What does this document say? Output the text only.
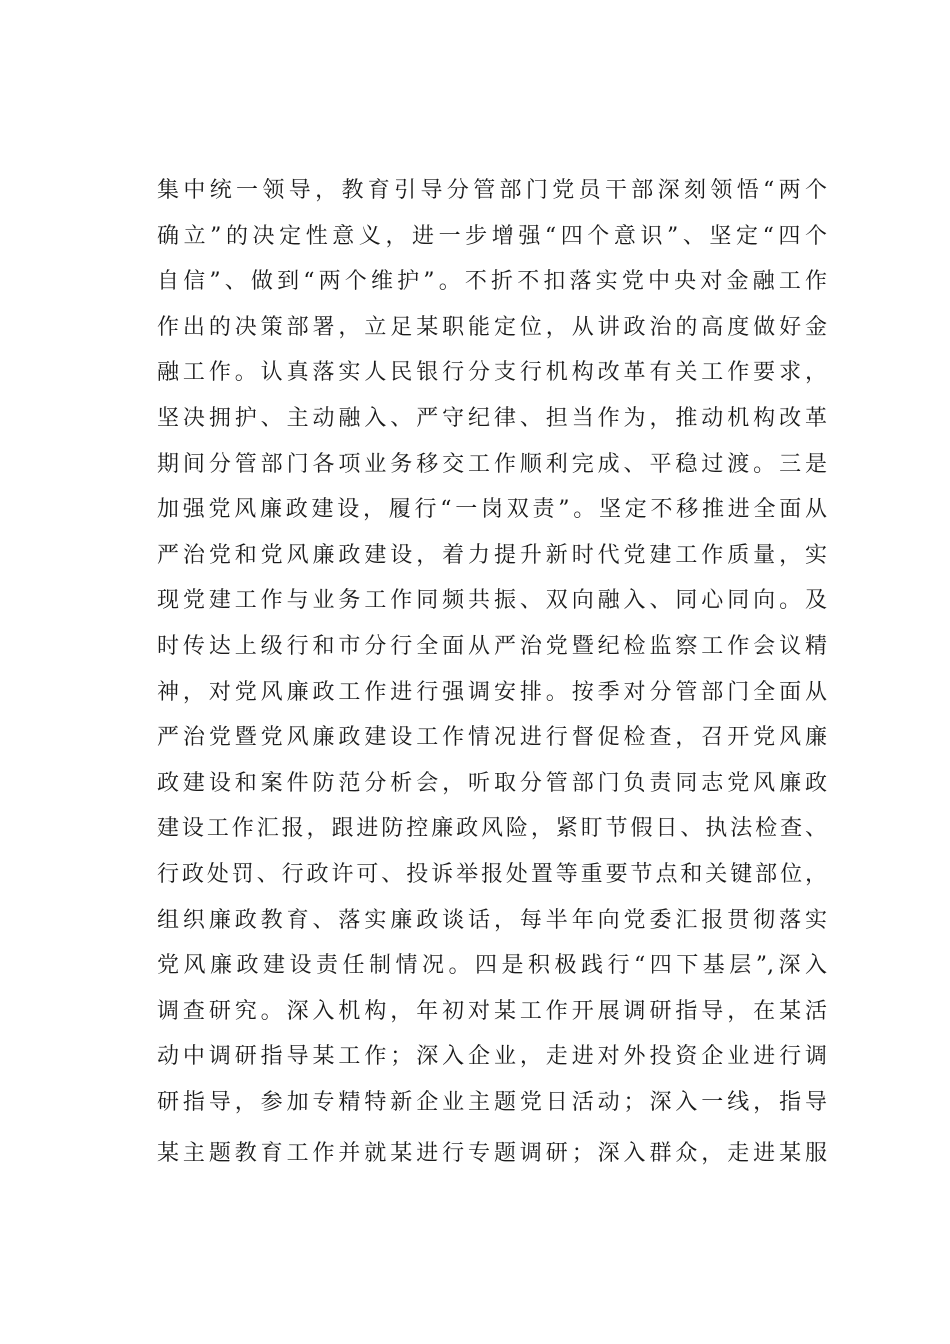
集中统一领导，教育引导分管部门党员干部深刻领悟“两个
确立”的决定性意义，进一步增强“四个意识”、坚定“四个
自信”、做到“两个维护”。不折不扣落实党中央对金融工作
作出的决策部署，立足某职能定位，从讲政治的高度做好金
融工作。认真落实人民银行分支行机构改革有关工作要求，
坚决拥护、主动融入、严守纪律、担当作为，推动机构改革
期间分管部门各项业务移交工作顺利完成、平稳过渡。三是
加强党风廉政建设，履行“一岗双责”。坚定不移推进全面从
严治党和党风廉政建设，着力提升新时代党建工作质量，实
现党建工作与业务工作同频共振、双向融入、同心同向。及
时传达上级行和市分行全面从严治党暨纪检监察工作会议精
神，对党风廉政工作进行强调安排。按季对分管部门全面从
严治党暨党风廉政建设工作情况进行督促检查，召开党风廉
政建设和案件防范分析会，听取分管部门负责同志党风廉政
建设工作汇报，跟进防控廉政风险，紧盯节假日、执法检查、
行政处罚、行政许可、投诉举报处置等重要节点和关键部位，
组织廉政教育、落实廉政谈话，每半年向党委汇报贯彻落实
党风廉政建设责任制情况。四是积极践行“四下基层”,深入
调查研究。深入机构，年初对某工作开展调研指导，在某活
动中调研指导某工作；深入企业，走进对外投资企业进行调
研指导，参加专精特新企业主题党日活动；深入一线，指导
某主题教育工作并就某进行专题调研；深入群众，走进某服
